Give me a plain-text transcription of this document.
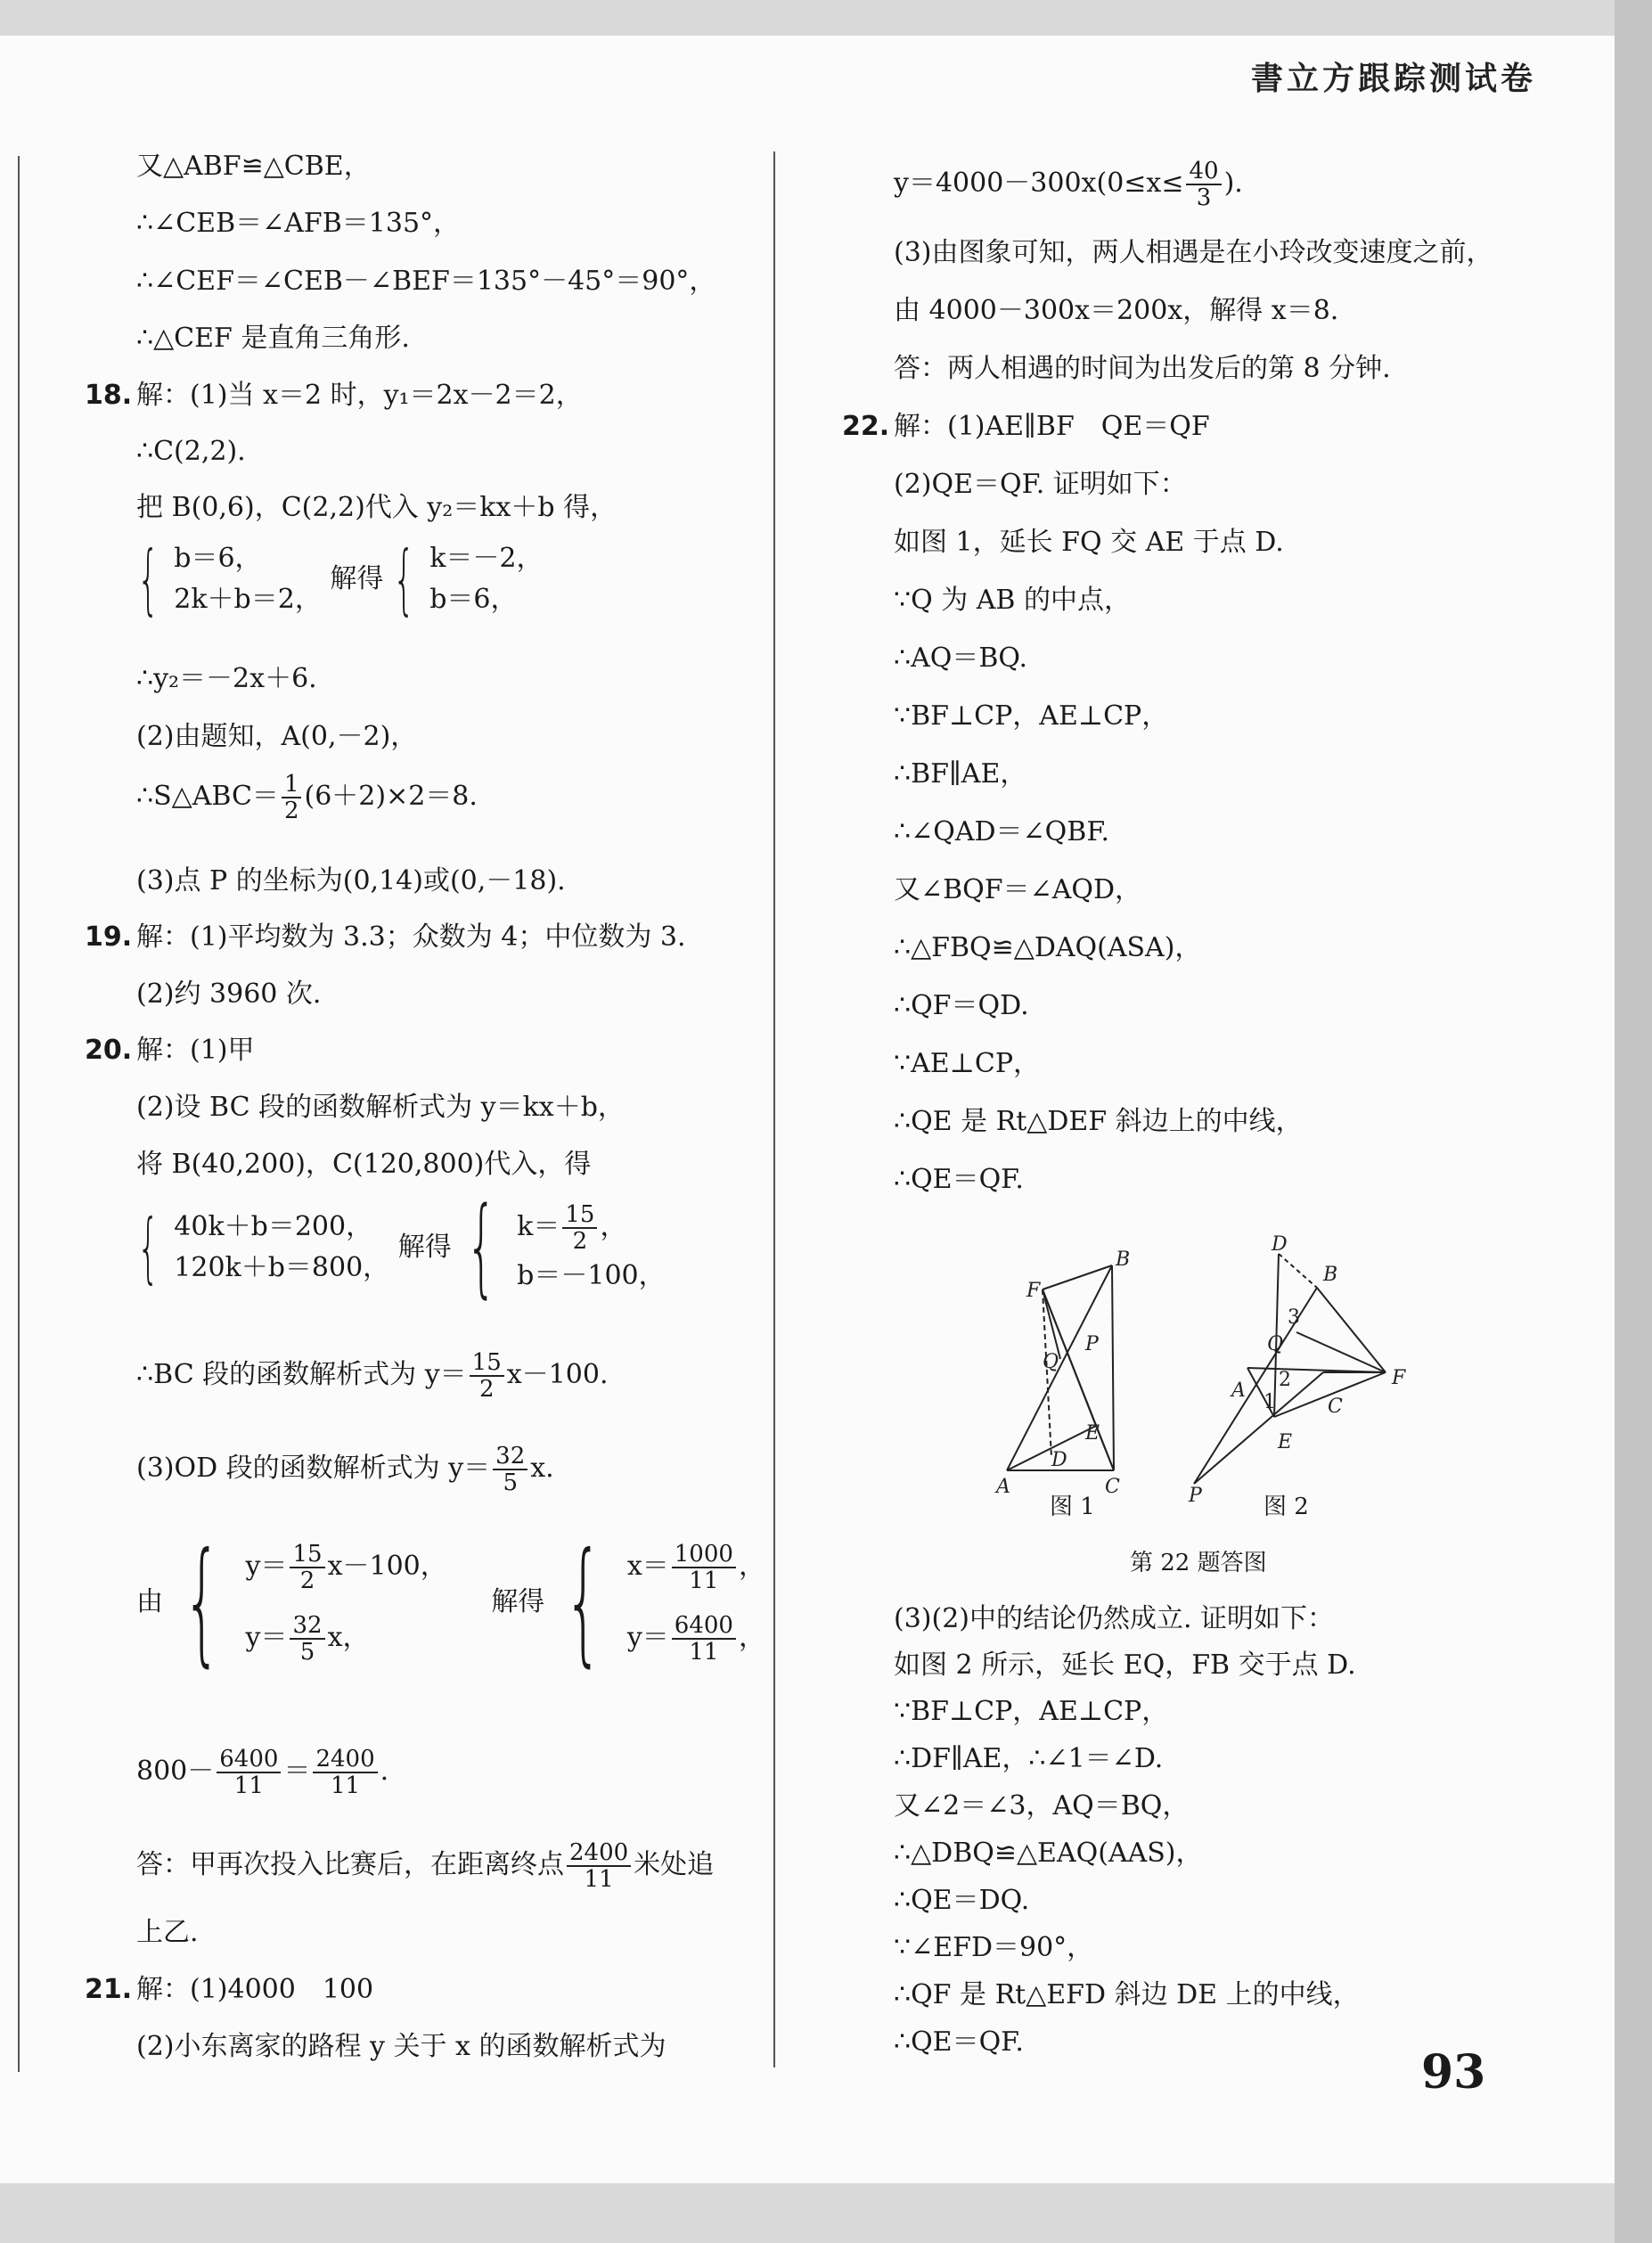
書立方跟踪测试卷
又△ABF≌△CBE，
∴∠CEB＝∠AFB＝135°，
∴∠CEF＝∠CEB－∠BEF＝135°－45°＝90°，
∴△CEF 是直角三角形.
18. 解：(1)当 x＝2 时，y₁＝2x－2＝2，
∴C(2,2).
把 B(0,6)，C(2,2)代入 y₂＝kx＋b 得，
{ b＝6，
2k＋b＝2，
解得 { k＝－2，
b＝6，
∴y₂＝－2x＋6.
(2)由题知，A(0,－2)，
∴S△ABC＝ $\frac{1}{2} (6+2)\times 2=8$.
(3)点 P 的坐标为(0,14)或(0,－18).
19. 解：(1)平均数为 3.3；众数为 4；中位数为 3.
(2)约 3960 次.
20. 解：(1)甲
(2)设 BC 段的函数解析式为 y＝kx＋b，
将 B(40,200)，C(120,800)代入，得
{ 40k＋b＝200，
120k＋b＝800，
解得 { $k= \frac{15}{2}$ ，
b＝－100，
∴BC 段的函数解析式为 $y= \frac{15}{2} x-100$.
(3)OD 段的函数解析式为 $y= \frac{32}{5} x$.
由 { $y= \frac{15}{2} x-100$，
$y= \frac{32}{5}$ x，
解得 { $x= \frac{1000}{11}$ ，
$y= \frac{6400}{11}$ ，
$800- \frac{6400}{11} = \frac{2400}{11}$ .
答：甲再次投入比赛后，在距离终点 $\frac{2400}{11}$ 米处追
上乙.
21. 解：(1)4000　100
(2)小东离家的路程 y 关于 x 的函数解析式为
$y=4000-300x(0\le x\le \frac{40}{3}$ ).
(3)由图象可知，两人相遇是在小玲改变速度之前，
由 4000－300x＝200x，解得 x＝8.
答：两人相遇的时间为出发后的第 8 分钟.
22. 解：(1)AE∥BF　QE＝QF
(2)QE＝QF. 证明如下：
如图 1，延长 FQ 交 AE 于点 D.
∵Q 为 AB 的中点，
∴AQ＝BQ.
∵BF⊥CP，AE⊥CP，
∴BF∥AE，
∴∠QAD＝∠QBF.
又∠BQF＝∠AQD，
∴△FBQ≌△DAQ(ASA)，
∴QF＝QD.
∵AE⊥CP，
∴QE 是 Rt△DEF 斜边上的中线，
∴QE＝QF.
(3)(2)中的结论仍然成立. 证明如下：
如图 2 所示，延长 EQ，FB 交于点 D.
∵BF⊥CP，AE⊥CP，
∴DF∥AE，∴∠1＝∠D.
又∠2＝∠3，AQ＝BQ，
∴△DBQ≌△EAQ(AAS)，
∴QE＝DQ.
∵∠EFD＝90°，
∴QF 是 Rt△EFD 斜边 DE 上的中线，
∴QE＝QF.
B
F
Q
P
E
D
A	C
D
B
3
Q
2
1
A
F
C
E
P
图 1	图 2
第 22 题答图
93
